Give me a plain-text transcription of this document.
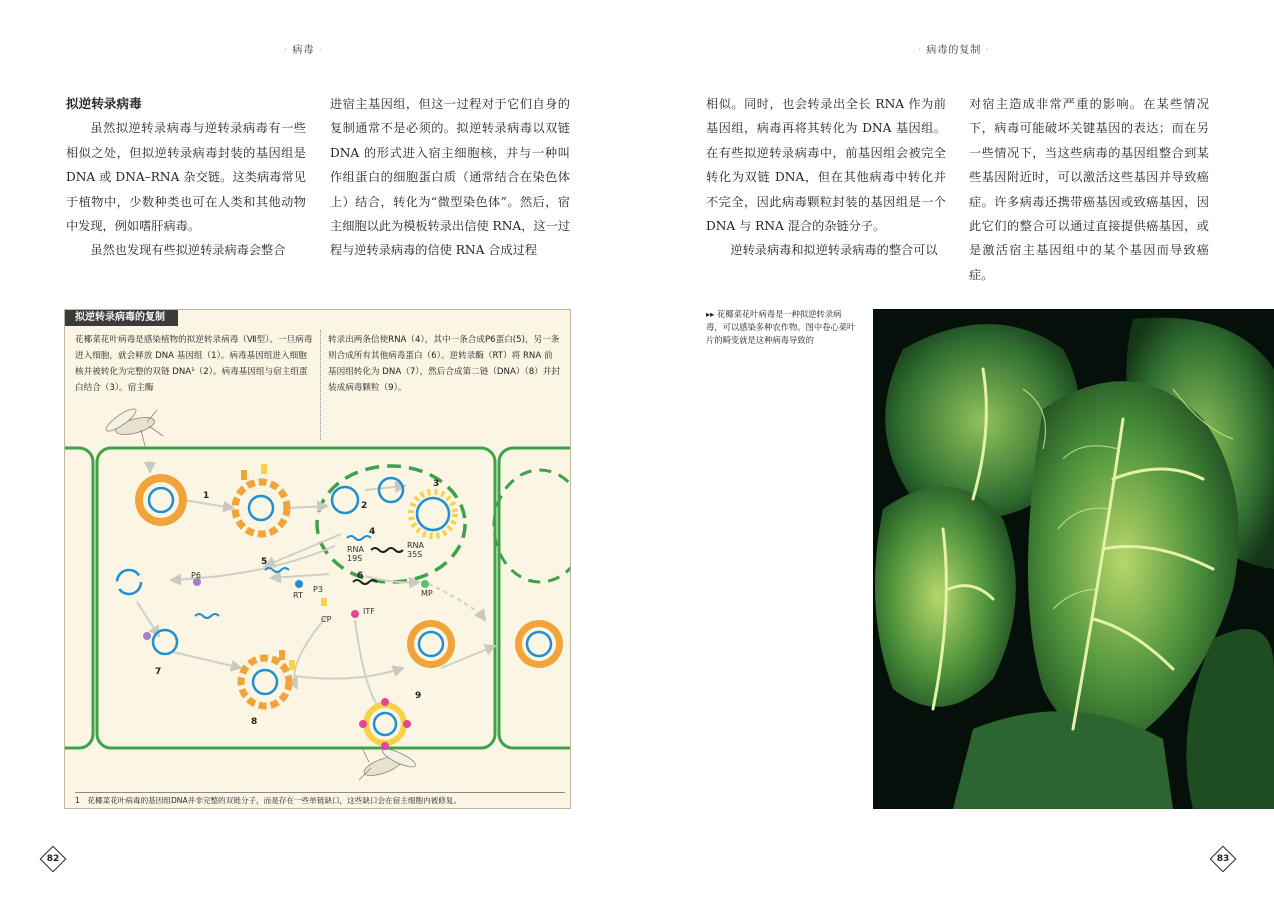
· 病毒 ·	· 病毒的复制 ·
拟逆转录病毒

虽然拟逆转录病毒与逆转录病毒有一些相似之处，但拟逆转录病毒封装的基因组是DNA 或 DNA–RNA 杂交链。这类病毒常见于植物中，少数种类也可在人类和其他动物中发现，例如嗜肝病毒。

虽然也发现有些拟逆转录病毒会整合

进宿主基因组，但这一过程对于它们自身的复制通常不是必须的。拟逆转录病毒以双链 DNA 的形式进入宿主细胞核，并与一种叫作组蛋白的细胞蛋白质（通常结合在染色体上）结合，转化为“微型染色体”。然后，宿主细胞以此为模板转录出信使 RNA，这一过程与逆转录病毒的信使 RNA 合成过程

拟逆转录病毒的复制
花椰菜花叶病毒是感染植物的拟逆转录病毒（Ⅶ型）。一旦病毒进入细胞，就会释放 DNA 基因组（1）。病毒基因组进入细胞核并被转化为完整的双链 DNA¹（2）。病毒基因组与宿主组蛋白结合（3）。宿主酶
转录出两条信使RNA（4），其中一条合成P6蛋白(5)，另一条则合成所有其他病毒蛋白（6）。逆转录酶（RT）将 RNA 前基因组转化为 DNA（7），然后合成第二链（DNA）（8）并封装成病毒颗粒（9）。
1
2
3
4
5
6
7
8
9
RNA
19S
RNA
35S
P6
RT
P3
CP
ITF
MP
1　花椰菜花叶病毒的基因组DNA并非完整的双链分子，而是存在一些单链缺口，这些缺口会在宿主细胞内被修复。
82

相似。同时，也会转录出全长 RNA 作为前基因组，病毒再将其转化为 DNA 基因组。在有些拟逆转录病毒中，前基因组会被完全转化为双链 DNA，但在其他病毒中转化并不完全，因此病毒颗粒封装的基因组是一个DNA 与 RNA 混合的杂链分子。

逆转录病毒和拟逆转录病毒的整合可以

对宿主造成非常严重的影响。在某些情况下，病毒可能破坏关键基因的表达；而在另一些情况下，当这些病毒的基因组整合到某些基因附近时，可以激活这些基因并导致癌症。许多病毒还携带癌基因或致癌基因，因此它们的整合可以通过直接提供癌基因，或是激活宿主基因组中的某个基因而导致癌症。

▸▸ 花椰菜花叶病毒是一种拟逆转录病毒，可以感染多种农作物。图中卷心菜叶片的畸变就是这种病毒导致的
83
